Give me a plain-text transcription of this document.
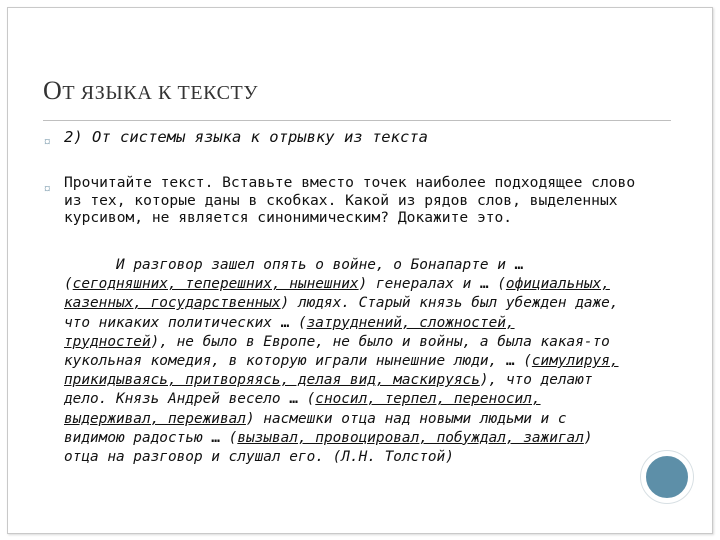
ОТ ЯЗЫКА К ТЕКСТУ
¤ 2) От системы языка к отрывку из текста
¤ Прочитайте текст. Вставьте вместо точек наиболее подходящее слово из тех, которые даны в скобках. Какой из рядов слов, выделенных курсивом, не является синонимическим? Докажите это.
И разговор зашел опять о войне, о Бонапарте и … (сегодняшних, теперешних, нынешних) генералах и … (официальных, казенных, государственных) людях. Старый князь был убежден даже, что никаких политических … (затруднений, сложностей, трудностей), не было в Европе, не было и войны, а была какая-то кукольная комедия, в которую играли нынешние люди, … (симулируя, прикидываясь, притворяясь, делая вид, маскируясь), что делают дело. Князь Андрей весело … (сносил, терпел, переносил, выдерживал, переживал) насмешки отца над новыми людьми и с видимою радостью … (вызывал, провоцировал, побуждал, зажигал) отца на разговор и слушал его. (Л.Н. Толстой)
